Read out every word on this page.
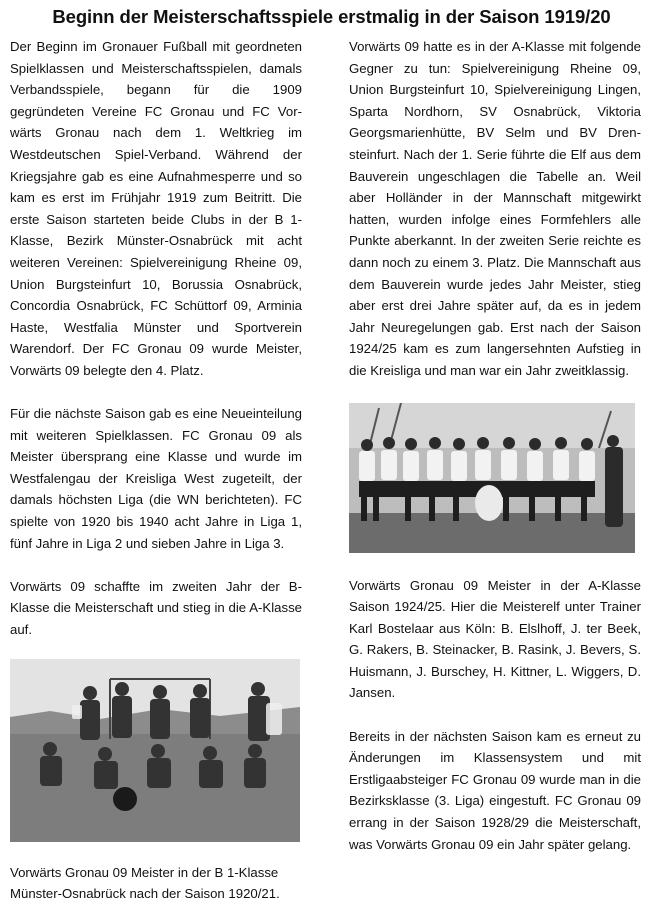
Beginn der Meisterschaftsspiele erstmalig in der Saison 1919/20

Der Beginn im Gronauer Fußball mit geordneten Spielklassen und Meisterschaftsspielen, damals Verbandsspiele, begann für die 1909 gegründeten Vereine FC Gronau und FC Vorwärts Gronau nach dem 1. Weltkrieg im Westdeutschen Spiel-Verband. Während der Kriegsjahre gab es eine Aufnahmesperre und so kam es erst im Frühjahr 1919 zum Beitritt. Die erste Saison starteten beide Clubs in der B 1-Klasse, Bezirk Münster-Osnabrück mit acht weiteren Vereinen: Spielvereinigung Rheine 09, Union Burgsteinfurt 10, Borussia Osnabrück, Concordia Osnabrück, FC Schüttorf 09, Arminia Haste, Westfalia Münster und Sportverein Warendorf. Der FC Gronau 09 wurde Meister, Vorwärts 09 belegte den 4. Platz.

Für die nächste Saison gab es eine Neueinteilung mit weiteren Spielklassen. FC Gronau 09 als Meister übersprang eine Klasse und wurde im Westfalengau der Kreisliga West zugeteilt, der damals höchsten Liga (die WN berichteten). FC spielte von 1920 bis 1940 acht Jahre in Liga 1, fünf Jahre in Liga 2 und sieben Jahre in Liga 3.

Vorwärts 09 schaffte im zweiten Jahr der B-Klasse die Meisterschaft und stieg in die A-Klasse auf.

Vorwärts Gronau 09 Meister in der B 1-Klasse Münster-Osnabrück nach der Saison 1920/21.

Vorwärts 09 hatte es in der A-Klasse mit folgende Gegner zu tun: Spielvereinigung Rheine 09, Union Burgsteinfurt 10, Spielvereinigung Lingen, Sparta Nordhorn, SV Osnabrück, Viktoria Georgsmarienhütte, BV Selm und BV Drensteinfurt. Nach der 1. Serie führte die Elf aus dem Bauverein ungeschlagen die Tabelle an. Weil aber Holländer in der Mannschaft mitgewirkt hatten, wurden infolge eines Formfehlers alle Punkte aberkannt. In der zweiten Serie reichte es dann noch zu einem 3. Platz. Die Mannschaft aus dem Bauverein wurde jedes Jahr Meister, stieg aber erst drei Jahre später auf, da es in jedem Jahr Neuregelungen gab. Erst nach der Saison 1924/25 kam es zum langersehnten Aufstieg in die Kreisliga und man war ein Jahr zweitklassig.

Vorwärts Gronau 09 Meister in der A-Klasse Saison 1924/25. Hier die Meisterelf unter Trainer Karl Bostelaar aus Köln: B. Elslhoff, J. ter Beek, G. Rakers, B. Steinacker, B. Rasink, J. Bevers, S. Huismann, J. Burschey, H. Kittner, L. Wiggers, D. Jansen.

Bereits in der nächsten Saison kam es erneut zu Änderungen im Klassensystem und mit Erstligaabsteiger FC Gronau 09 wurde man in die Bezirksklasse (3. Liga) eingestuft. FC Gronau 09 errang in der Saison 1928/29 die Meisterschaft, was Vorwärts Gronau 09 ein Jahr später gelang.
